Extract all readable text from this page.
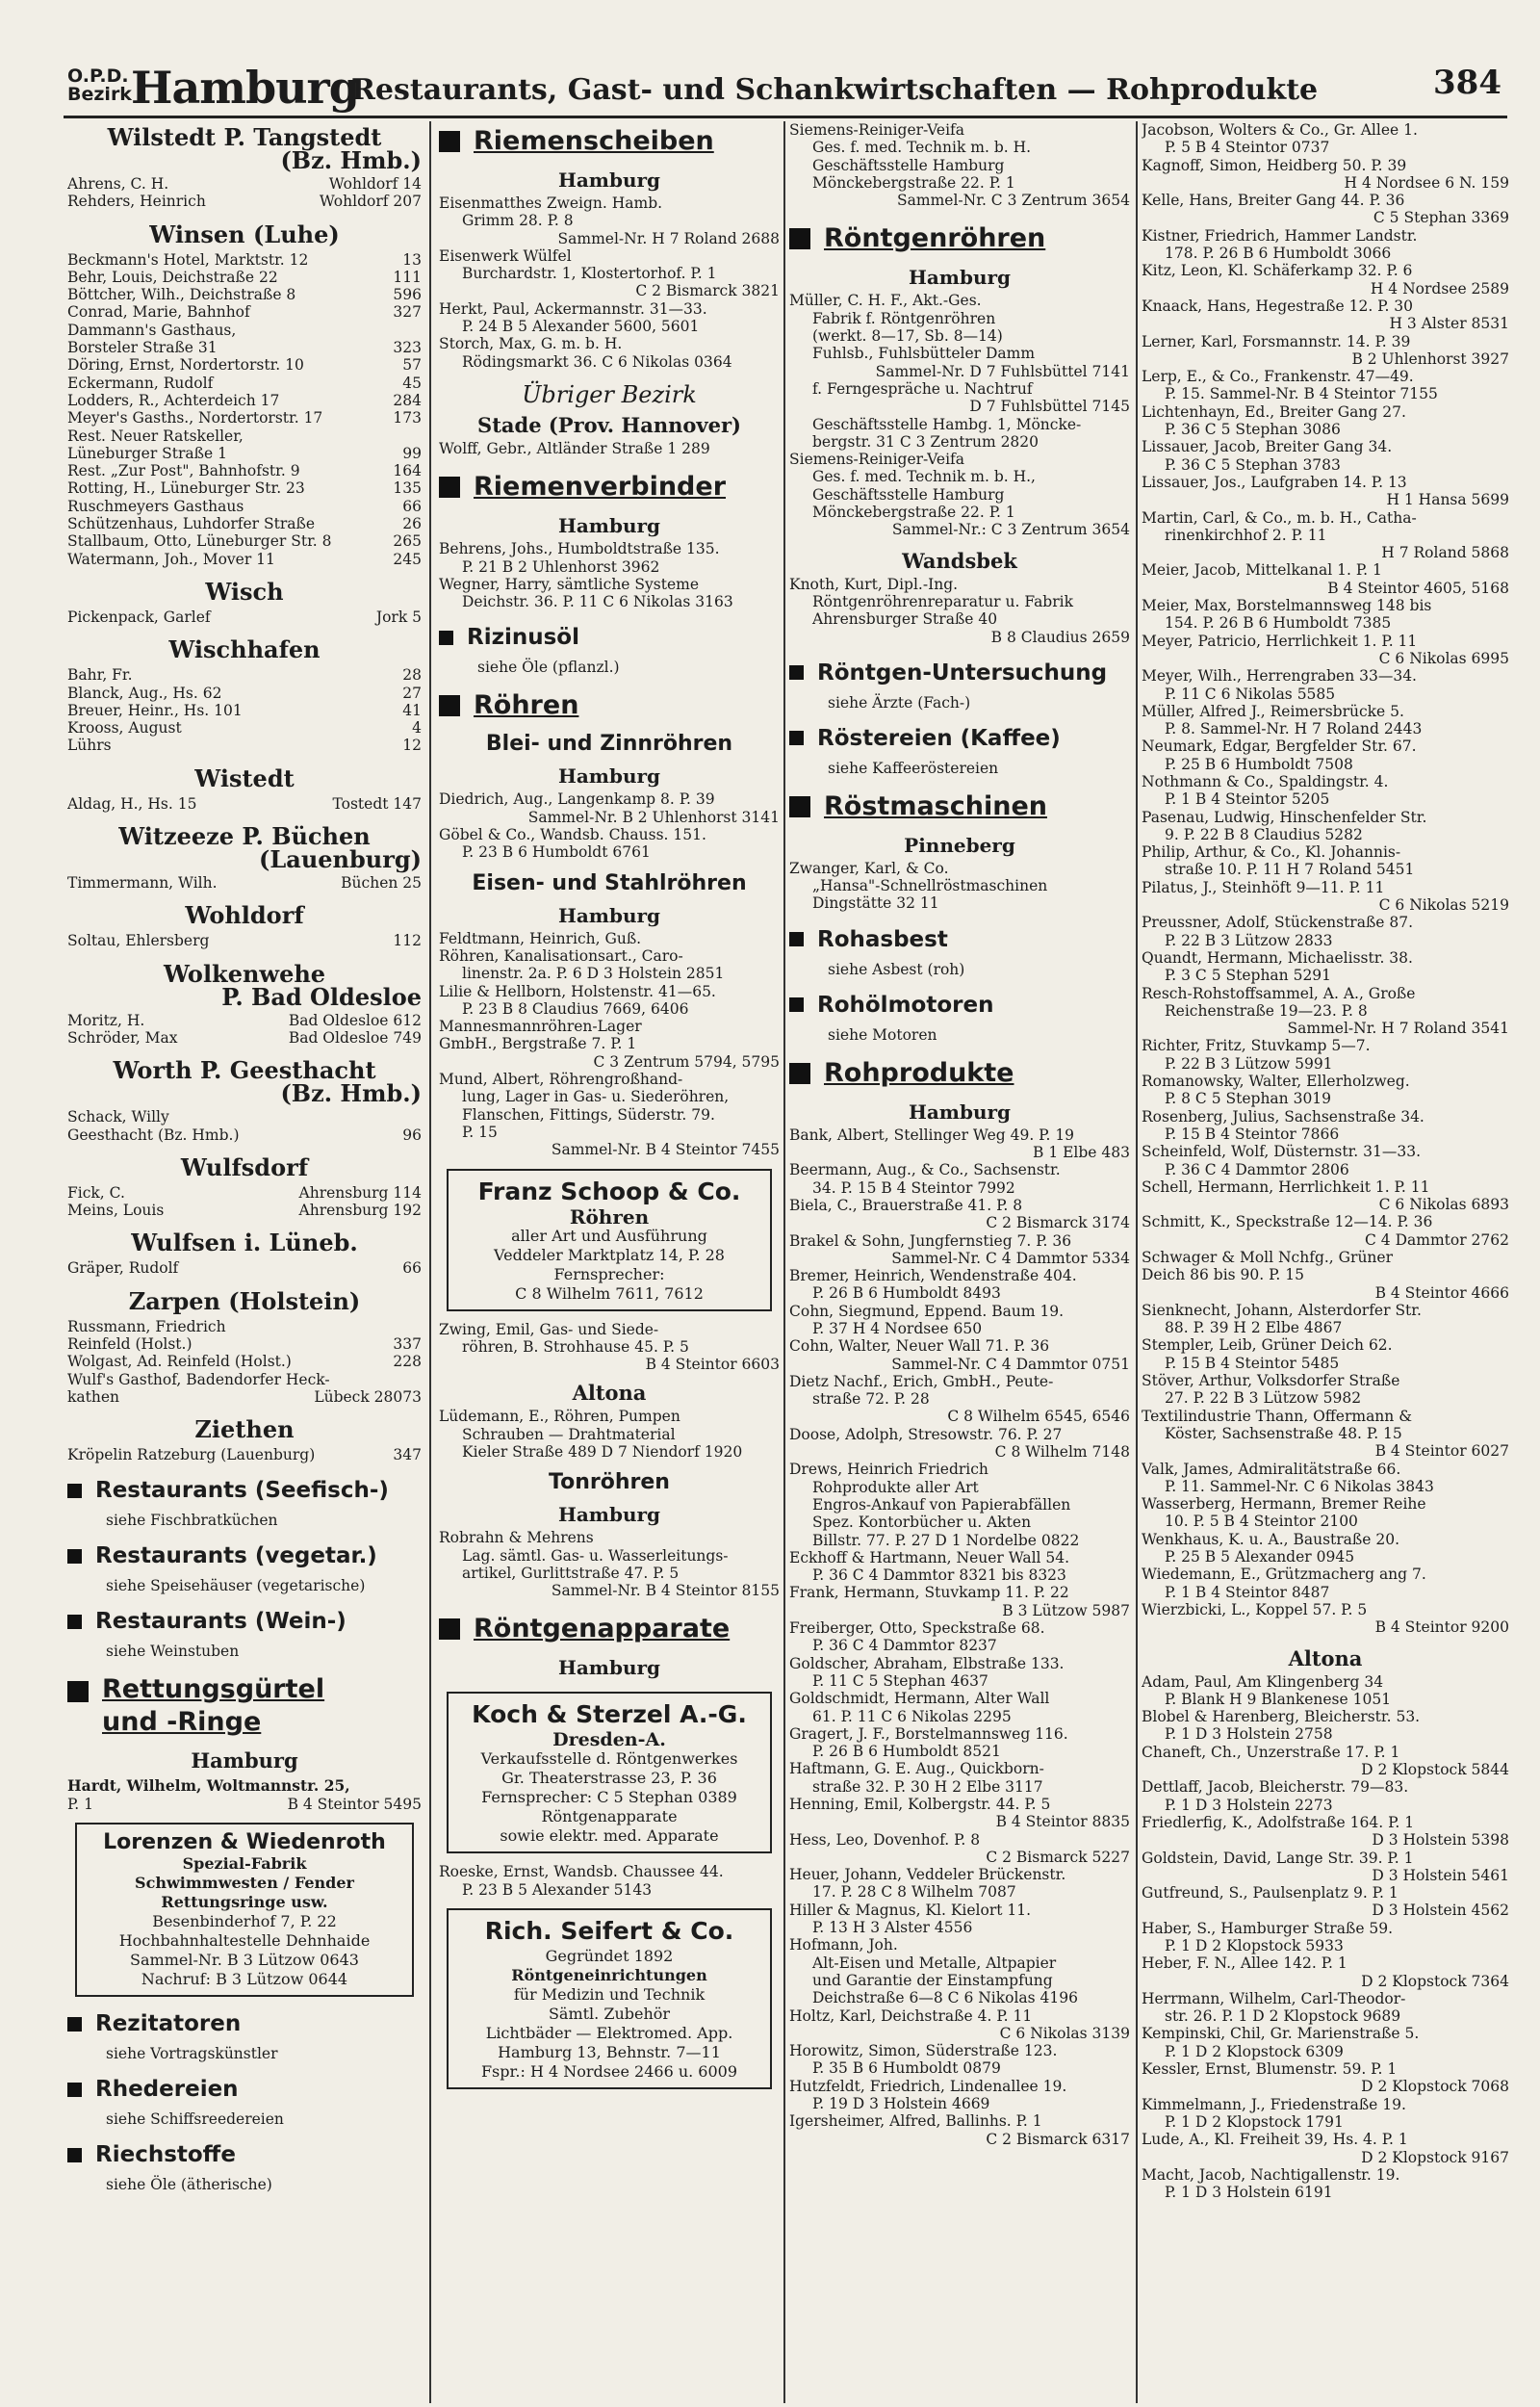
O.P.D.
Bezirk Hamburg
Restaurants, Gast- und Schankwirtschaften — Rohprodukte	384
Wilstedt P. Tangstedt
(Bz. Hmb.)
Wohldorf 14
Ahrens, C. H.
Wohldorf 207
Rehders, Heinrich
Winsen (Luhe)
13
Beckmann's Hotel, Marktstr. 12
111
Behr, Louis, Deichstraße 22
596
Böttcher, Wilh., Deichstraße 8
327
Conrad, Marie, Bahnhof
Dammann's Gasthaus,
323
Borsteler Straße 31
57
Döring, Ernst, Nordertorstr. 10
45
Eckermann, Rudolf
284
Lodders, R., Achterdeich 17
173
Meyer's Gasths., Nordertorstr. 17
Rest. Neuer Ratskeller,
99
Lüneburger Straße 1
164
Rest. „Zur Post", Bahnhofstr. 9
135
Rotting, H., Lüneburger Str. 23
66
Ruschmeyers Gasthaus
26
Schützenhaus, Luhdorfer Straße
265
Stallbaum, Otto, Lüneburger Str. 8
245
Watermann, Joh., Mover 11
Wisch
Jork 5
Pickenpack, Garlef
Wischhafen
28
Bahr, Fr.
27
Blanck, Aug., Hs. 62
41
Breuer, Heinr., Hs. 101
4
Krooss, August
12
Lührs
Wistedt
Tostedt 147
Aldag, H., Hs. 15
Witzeeze P. Büchen
(Lauenburg)
Büchen 25
Timmermann, Wilh.
Wohldorf
112
Soltau, Ehlersberg
Wolkenwehe
P. Bad Oldesloe
Bad Oldesloe 612
Moritz, H.
Bad Oldesloe 749
Schröder, Max
Worth P. Geesthacht
(Bz. Hmb.)
Schack, Willy
96
Geesthacht (Bz. Hmb.)
Wulfsdorf
Ahrensburg 114
Fick, C.
Ahrensburg 192
Meins, Louis
Wulfsen i. Lüneb.
66
Gräper, Rudolf
Zarpen (Holstein)
Russmann, Friedrich
337
Reinfeld (Holst.)
228
Wolgast, Ad. Reinfeld (Holst.)
Wulf's Gasthof, Badendorfer Heck-
Lübeck 28073
kathen
Ziethen
347
Kröpelin Ratzeburg (Lauenburg)
Restaurants (Seefisch-)
siehe Fischbratküchen
Restaurants (vegetar.)
siehe Speisehäuser (vegetarische)
Restaurants (Wein-)
siehe Weinstuben
Rettungsgürtel
und -Ringe
Hamburg
Hardt, Wilhelm, Woltmannstr. 25,
P. 1	B 4 Steintor 5495
Lorenzen & Wiedenroth
Spezial-Fabrik
Schwimmwesten / Fender
Rettungsringe usw.
Besenbinderhof 7, P. 22
Hochbahnhaltestelle Dehnhaide
Sammel-Nr. B 3 Lützow 0643
Nachruf: B 3 Lützow 0644
Rezitatoren
siehe Vortragskünstler
Rhedereien
siehe Schiffsreedereien
Riechstoffe
siehe Öle (ätherische)
Riemenscheiben
Hamburg
Eisenmatthes Zweign. Hamb.
Grimm 28. P. 8
Sammel-Nr. H 7 Roland 2688
Eisenwerk Wülfel
Burchardstr. 1, Klostertorhof. P. 1
C 2 Bismarck 3821
Herkt, Paul, Ackermannstr. 31—33.
P. 24 B 5 Alexander 5600, 5601
Storch, Max, G. m. b. H.
Rödingsmarkt 36. C 6 Nikolas 0364
Übriger Bezirk
Stade (Prov. Hannover)
Wolff, Gebr., Altländer Straße 1 289
Riemenverbinder
Hamburg
Behrens, Johs., Humboldtstraße 135.
P. 21 B 2 Uhlenhorst 3962
Wegner, Harry, sämtliche Systeme
Deichstr. 36. P. 11 C 6 Nikolas 3163
Rizinusöl
siehe Öle (pflanzl.)
Röhren
Blei- und Zinnröhren
Hamburg
Diedrich, Aug., Langenkamp 8. P. 39
Sammel-Nr. B 2 Uhlenhorst 3141
Göbel & Co., Wandsb. Chauss. 151.
P. 23 B 6 Humboldt 6761
Eisen- und Stahlröhren
Hamburg
Feldtmann, Heinrich, Guß.
Röhren, Kanalisationsart., Caro-
linenstr. 2a. P. 6 D 3 Holstein 2851
Lilie & Hellborn, Holstenstr. 41—65.
P. 23 B 8 Claudius 7669, 6406
Mannesmannröhren-Lager
GmbH., Bergstraße 7. P. 1
C 3 Zentrum 5794, 5795
Mund, Albert, Röhrengroßhand-
lung, Lager in Gas- u. Siederöhren,
Flanschen, Fittings, Süderstr. 79.
P. 15
Sammel-Nr. B 4 Steintor 7455
Franz Schoop & Co.
Röhren
aller Art und Ausführung
Veddeler Marktplatz 14, P. 28
Fernsprecher:
C 8 Wilhelm 7611, 7612
Zwing, Emil, Gas- und Siede-
röhren, B. Strohhause 45. P. 5
B 4 Steintor 6603
Altona
Lüdemann, E., Röhren, Pumpen
Schrauben — Drahtmaterial
Kieler Straße 489 D 7 Niendorf 1920
Tonröhren
Hamburg
Robrahn & Mehrens
Lag. sämtl. Gas- u. Wasserleitungs-
artikel, Gurlittstraße 47. P. 5
Sammel-Nr. B 4 Steintor 8155
Röntgenapparate
Hamburg
Koch & Sterzel A.-G.
Dresden-A.
Verkaufsstelle d. Röntgenwerkes
Gr. Theaterstrasse 23, P. 36
Fernsprecher: C 5 Stephan 0389
Röntgenapparate
sowie elektr. med. Apparate
Roeske, Ernst, Wandsb. Chaussee 44.
P. 23 B 5 Alexander 5143
Rich. Seifert & Co.
Gegründet 1892
Röntgeneinrichtungen
für Medizin und Technik
Sämtl. Zubehör
Lichtbäder — Elektromed. App.
Hamburg 13, Behnstr. 7—11
Fspr.: H 4 Nordsee 2466 u. 6009
Siemens-Reiniger-Veifa
Ges. f. med. Technik m. b. H.
Geschäftsstelle Hamburg
Mönckebergstraße 22. P. 1
Sammel-Nr. C 3 Zentrum 3654
Röntgenröhren
Hamburg
Müller, C. H. F., Akt.-Ges.
Fabrik f. Röntgenröhren
(werkt. 8—17, Sb. 8—14)
Fuhlsb., Fuhlsbütteler Damm
Sammel-Nr. D 7 Fuhlsbüttel 7141
f. Ferngespräche u. Nachtruf
D 7 Fuhlsbüttel 7145
Geschäftsstelle Hambg. 1, Möncke-
bergstr. 31 C 3 Zentrum 2820
Siemens-Reiniger-Veifa
Ges. f. med. Technik m. b. H.,
Geschäftsstelle Hamburg
Mönckebergstraße 22. P. 1
Sammel-Nr.: C 3 Zentrum 3654
Wandsbek
Knoth, Kurt, Dipl.-Ing.
Röntgenröhrenreparatur u. Fabrik
Ahrensburger Straße 40
B 8 Claudius 2659
Röntgen-Untersuchung
siehe Ärzte (Fach-)
Röstereien (Kaffee)
siehe Kaffeeröstereien
Röstmaschinen
Pinneberg
Zwanger, Karl, & Co.
„Hansa"-Schnellröstmaschinen
Dingstätte 32 11
Rohasbest
siehe Asbest (roh)
Rohölmotoren
siehe Motoren
Rohprodukte
Hamburg
Bank, Albert, Stellinger Weg 49. P. 19
B 1 Elbe 483
Beermann, Aug., & Co., Sachsenstr.
34. P. 15 B 4 Steintor 7992
Biela, C., Brauerstraße 41. P. 8
C 2 Bismarck 3174
Brakel & Sohn, Jungfernstieg 7. P. 36
Sammel-Nr. C 4 Dammtor 5334
Bremer, Heinrich, Wendenstraße 404.
P. 26 B 6 Humboldt 8493
Cohn, Siegmund, Eppend. Baum 19.
P. 37 H 4 Nordsee 650
Cohn, Walter, Neuer Wall 71. P. 36
Sammel-Nr. C 4 Dammtor 0751
Dietz Nachf., Erich, GmbH., Peute-
straße 72. P. 28
C 8 Wilhelm 6545, 6546
Doose, Adolph, Stresowstr. 76. P. 27
C 8 Wilhelm 7148
Drews, Heinrich Friedrich
Rohprodukte aller Art
Engros-Ankauf von Papierabfällen
Spez. Kontorbücher u. Akten
Billstr. 77. P. 27 D 1 Nordelbe 0822
Eckhoff & Hartmann, Neuer Wall 54.
P. 36 C 4 Dammtor 8321 bis 8323
Frank, Hermann, Stuvkamp 11. P. 22
B 3 Lützow 5987
Freiberger, Otto, Speckstraße 68.
P. 36 C 4 Dammtor 8237
Goldscher, Abraham, Elbstraße 133.
P. 11 C 5 Stephan 4637
Goldschmidt, Hermann, Alter Wall
61. P. 11 C 6 Nikolas 2295
Gragert, J. F., Borstelmannsweg 116.
P. 26 B 6 Humboldt 8521
Haftmann, G. E. Aug., Quickborn-
straße 32. P. 30 H 2 Elbe 3117
Henning, Emil, Kolbergstr. 44. P. 5
B 4 Steintor 8835
Hess, Leo, Dovenhof. P. 8
C 2 Bismarck 5227
Heuer, Johann, Veddeler Brückenstr.
17. P. 28 C 8 Wilhelm 7087
Hiller & Magnus, Kl. Kielort 11.
P. 13 H 3 Alster 4556
Hofmann, Joh.
Alt-Eisen und Metalle, Altpapier
und Garantie der Einstampfung
Deichstraße 6—8 C 6 Nikolas 4196
Holtz, Karl, Deichstraße 4. P. 11
C 6 Nikolas 3139
Horowitz, Simon, Süderstraße 123.
P. 35 B 6 Humboldt 0879
Hutzfeldt, Friedrich, Lindenallee 19.
P. 19 D 3 Holstein 4669
Igersheimer, Alfred, Ballinhs. P. 1
C 2 Bismarck 6317
Jacobson, Wolters & Co., Gr. Allee 1.
P. 5 B 4 Steintor 0737
Kagnoff, Simon, Heidberg 50. P. 39
H 4 Nordsee 6 N. 159
Kelle, Hans, Breiter Gang 44. P. 36
C 5 Stephan 3369
Kistner, Friedrich, Hammer Landstr.
178. P. 26 B 6 Humboldt 3066
Kitz, Leon, Kl. Schäferkamp 32. P. 6
H 4 Nordsee 2589
Knaack, Hans, Hegestraße 12. P. 30
H 3 Alster 8531
Lerner, Karl, Forsmannstr. 14. P. 39
B 2 Uhlenhorst 3927
Lerp, E., & Co., Frankenstr. 47—49.
P. 15. Sammel-Nr. B 4 Steintor 7155
Lichtenhayn, Ed., Breiter Gang 27.
P. 36 C 5 Stephan 3086
Lissauer, Jacob, Breiter Gang 34.
P. 36 C 5 Stephan 3783
Lissauer, Jos., Laufgraben 14. P. 13
H 1 Hansa 5699
Martin, Carl, & Co., m. b. H., Catha-
rinenkirchhof 2. P. 11
H 7 Roland 5868
Meier, Jacob, Mittelkanal 1. P. 1
B 4 Steintor 4605, 5168
Meier, Max, Borstelmannsweg 148 bis
154. P. 26 B 6 Humboldt 7385
Meyer, Patricio, Herrlichkeit 1. P. 11
C 6 Nikolas 6995
Meyer, Wilh., Herrengraben 33—34.
P. 11 C 6 Nikolas 5585
Müller, Alfred J., Reimersbrücke 5.
P. 8. Sammel-Nr. H 7 Roland 2443
Neumark, Edgar, Bergfelder Str. 67.
P. 25 B 6 Humboldt 7508
Nothmann & Co., Spaldingstr. 4.
P. 1 B 4 Steintor 5205
Pasenau, Ludwig, Hinschenfelder Str.
9. P. 22 B 8 Claudius 5282
Philip, Arthur, & Co., Kl. Johannis-
straße 10. P. 11 H 7 Roland 5451
Pilatus, J., Steinhöft 9—11. P. 11
C 6 Nikolas 5219
Preussner, Adolf, Stückenstraße 87.
P. 22 B 3 Lützow 2833
Quandt, Hermann, Michaelisstr. 38.
P. 3 C 5 Stephan 5291
Resch-Rohstoffsammel, A. A., Große
Reichenstraße 19—23. P. 8
Sammel-Nr. H 7 Roland 3541
Richter, Fritz, Stuvkamp 5—7.
P. 22 B 3 Lützow 5991
Romanowsky, Walter, Ellerholzweg.
P. 8 C 5 Stephan 3019
Rosenberg, Julius, Sachsenstraße 34.
P. 15 B 4 Steintor 7866
Scheinfeld, Wolf, Düsternstr. 31—33.
P. 36 C 4 Dammtor 2806
Schell, Hermann, Herrlichkeit 1. P. 11
C 6 Nikolas 6893
Schmitt, K., Speckstraße 12—14. P. 36
C 4 Dammtor 2762
Schwager & Moll Nchfg., Grüner
Deich 86 bis 90. P. 15
B 4 Steintor 4666
Sienknecht, Johann, Alsterdorfer Str.
88. P. 39 H 2 Elbe 4867
Stempler, Leib, Grüner Deich 62.
P. 15 B 4 Steintor 5485
Stöver, Arthur, Volksdorfer Straße
27. P. 22 B 3 Lützow 5982
Textilindustrie Thann, Offermann &
Köster, Sachsenstraße 48. P. 15
B 4 Steintor 6027
Valk, James, Admiralitätstraße 66.
P. 11. Sammel-Nr. C 6 Nikolas 3843
Wasserberg, Hermann, Bremer Reihe
10. P. 5 B 4 Steintor 2100
Wenkhaus, K. u. A., Baustraße 20.
P. 25 B 5 Alexander 0945
Wiedemann, E., Grützmacherg ang 7.
P. 1 B 4 Steintor 8487
Wierzbicki, L., Koppel 57. P. 5
B 4 Steintor 9200
Altona
Adam, Paul, Am Klingenberg 34
P. Blank H 9 Blankenese 1051
Blobel & Harenberg, Bleicherstr. 53.
P. 1 D 3 Holstein 2758
Chaneft, Ch., Unzerstraße 17. P. 1
D 2 Klopstock 5844
Dettlaff, Jacob, Bleicherstr. 79—83.
P. 1 D 3 Holstein 2273
Friedlerfig, K., Adolfstraße 164. P. 1
D 3 Holstein 5398
Goldstein, David, Lange Str. 39. P. 1
D 3 Holstein 5461
Gutfreund, S., Paulsenplatz 9. P. 1
D 3 Holstein 4562
Haber, S., Hamburger Straße 59.
P. 1 D 2 Klopstock 5933
Heber, F. N., Allee 142. P. 1
D 2 Klopstock 7364
Herrmann, Wilhelm, Carl-Theodor-
str. 26. P. 1 D 2 Klopstock 9689
Kempinski, Chil, Gr. Marienstraße 5.
P. 1 D 2 Klopstock 6309
Kessler, Ernst, Blumenstr. 59. P. 1
D 2 Klopstock 7068
Kimmelmann, J., Friedenstraße 19.
P. 1 D 2 Klopstock 1791
Lude, A., Kl. Freiheit 39, Hs. 4. P. 1
D 2 Klopstock 9167
Macht, Jacob, Nachtigallenstr. 19.
P. 1 D 3 Holstein 6191
